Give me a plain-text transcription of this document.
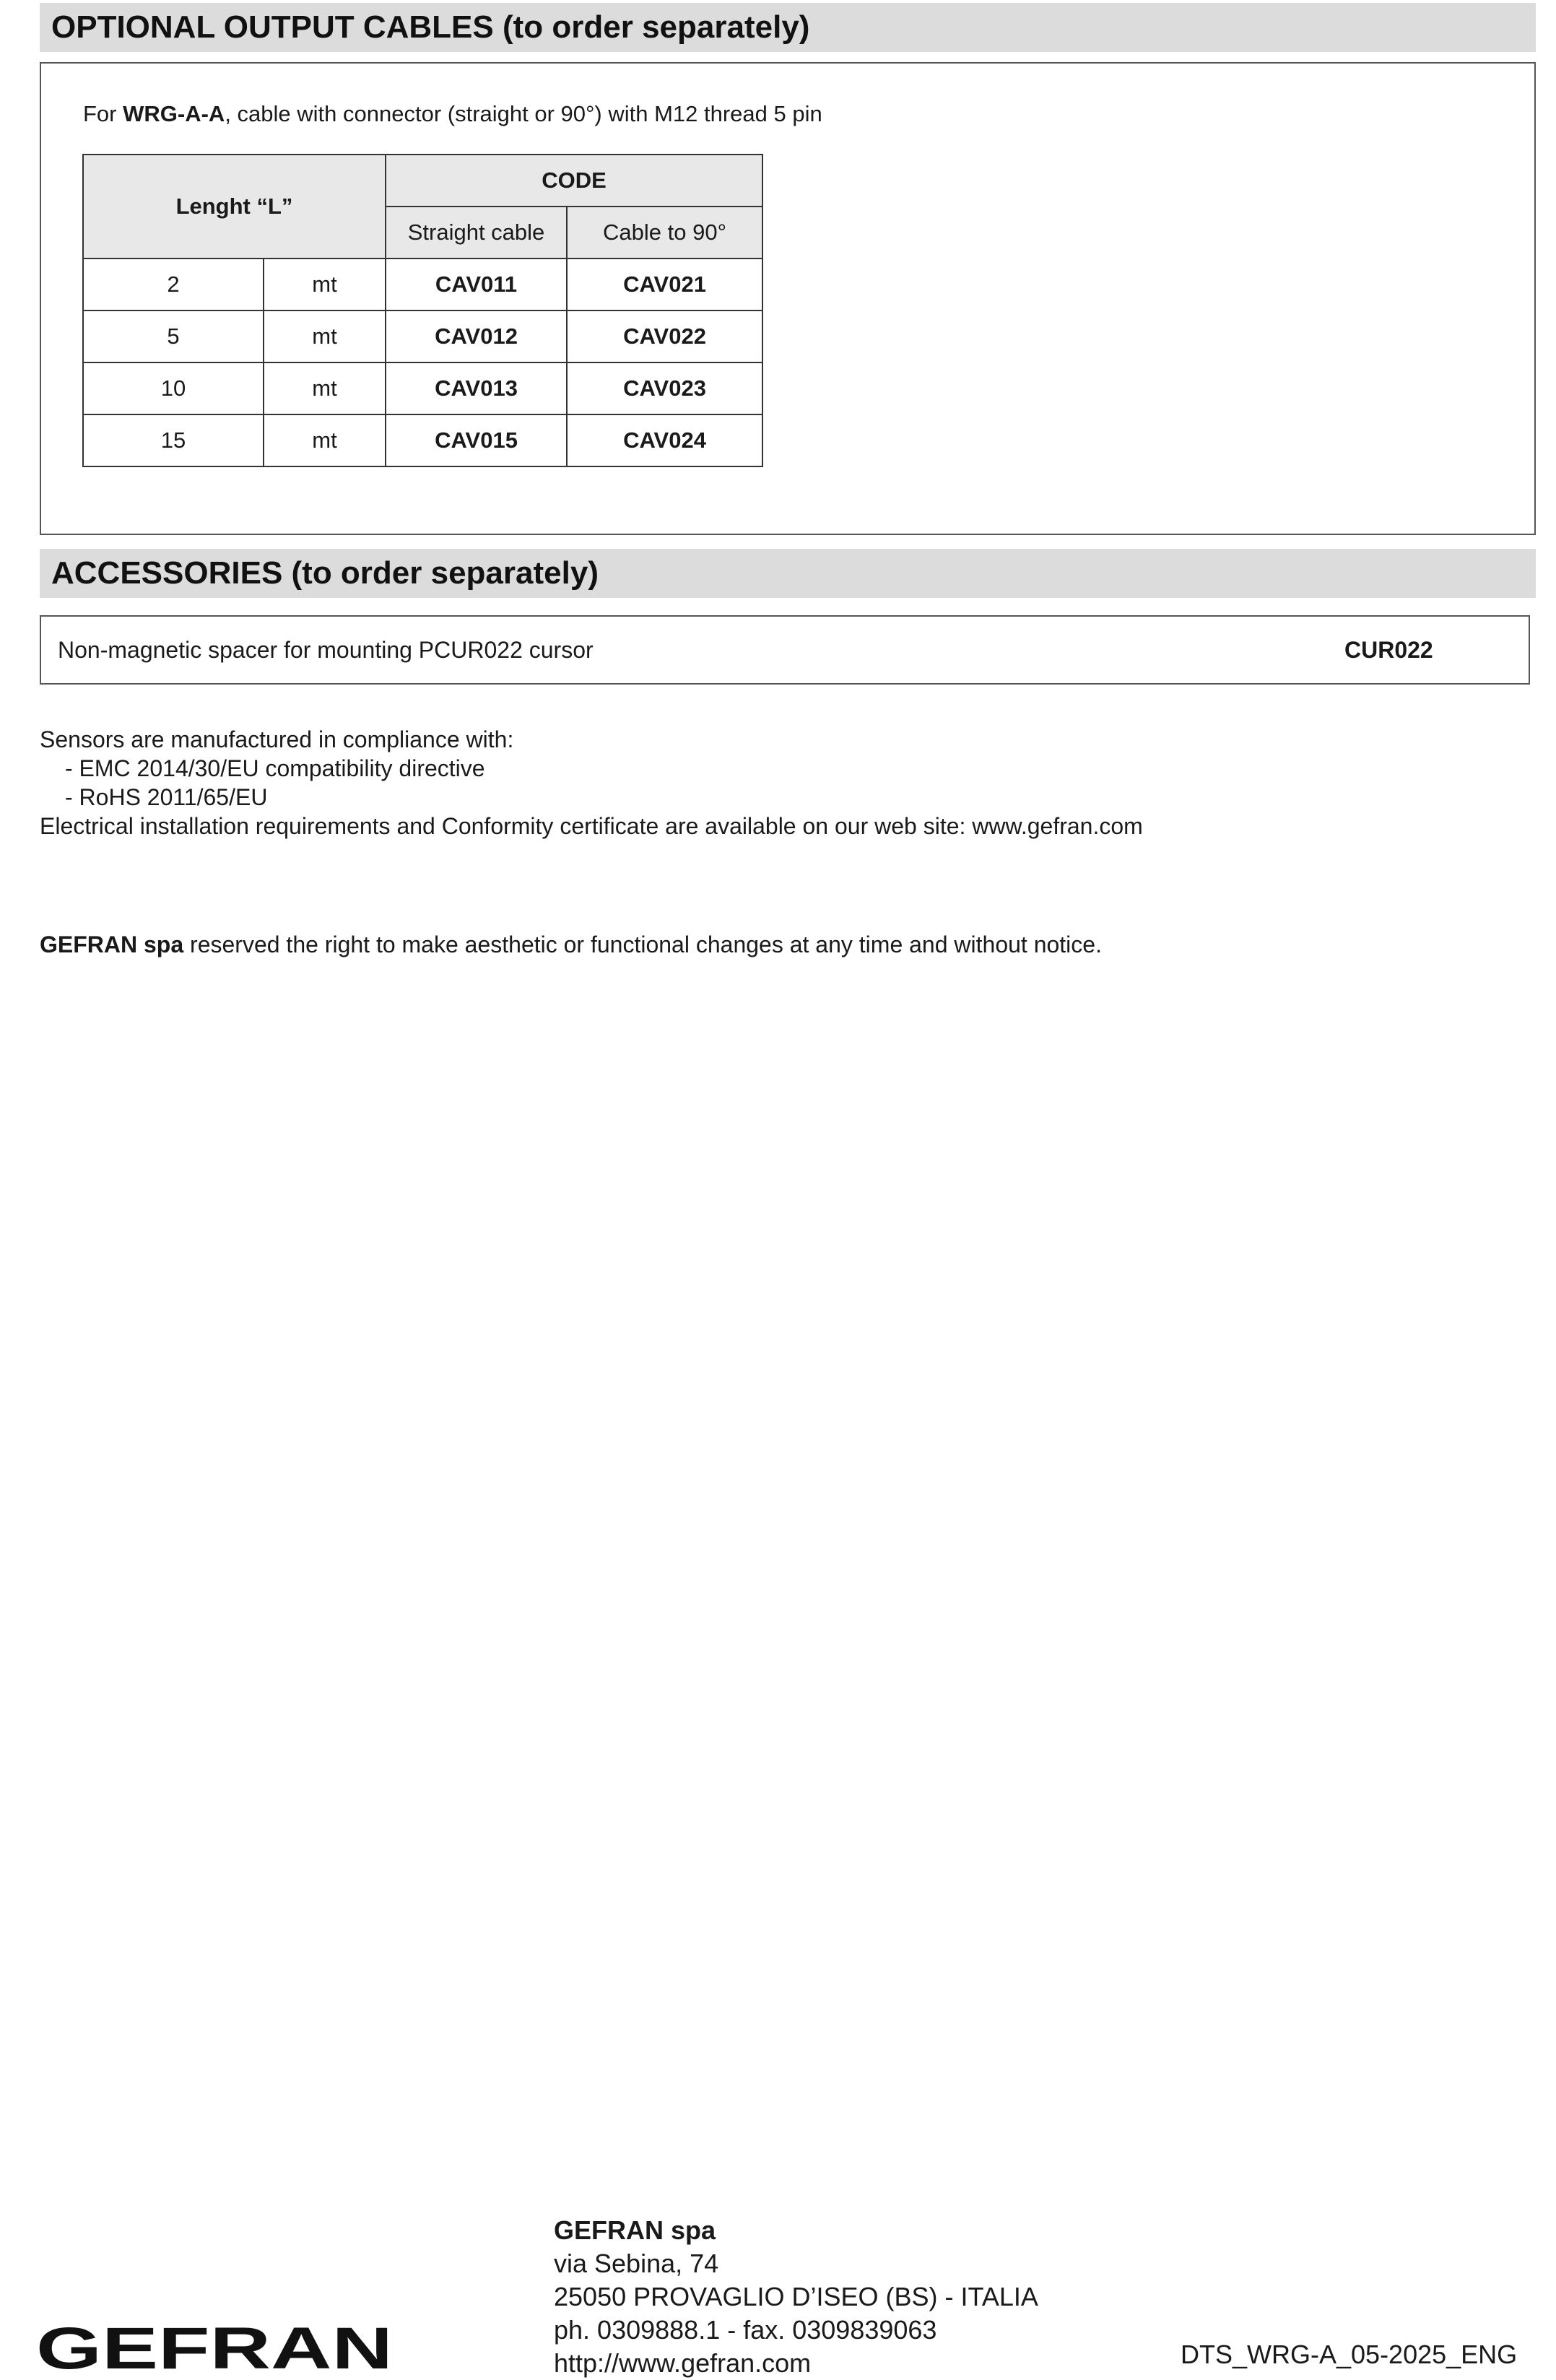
OPTIONAL OUTPUT CABLES (to order separately)
For WRG-A-A, cable with connector (straight or 90°) with M12 thread 5 pin
Lenght “L”		CODE	
		Straight cable	Cable to 90°
2	mt	CAV011	CAV021
5	mt	CAV012	CAV022
10	mt	CAV013	CAV023
15	mt	CAV015	CAV024
ACCESSORIES (to order separately)
Non-magnetic spacer for mounting PCUR022 cursor	CUR022
Sensors are manufactured in compliance with:
- EMC 2014/30/EU compatibility directive
- RoHS 2011/65/EU
Electrical installation requirements and Conformity certificate are available on our web site: www.gefran.com
GEFRAN spa reserved the right to make aesthetic or functional changes at any time and without notice.
GEFRAN
GEFRAN spa
via Sebina, 74
25050 PROVAGLIO D’ISEO (BS) - ITALIA
ph. 0309888.1 - fax. 0309839063
http://www.gefran.com	DTS_WRG-A_05-2025_ENG
